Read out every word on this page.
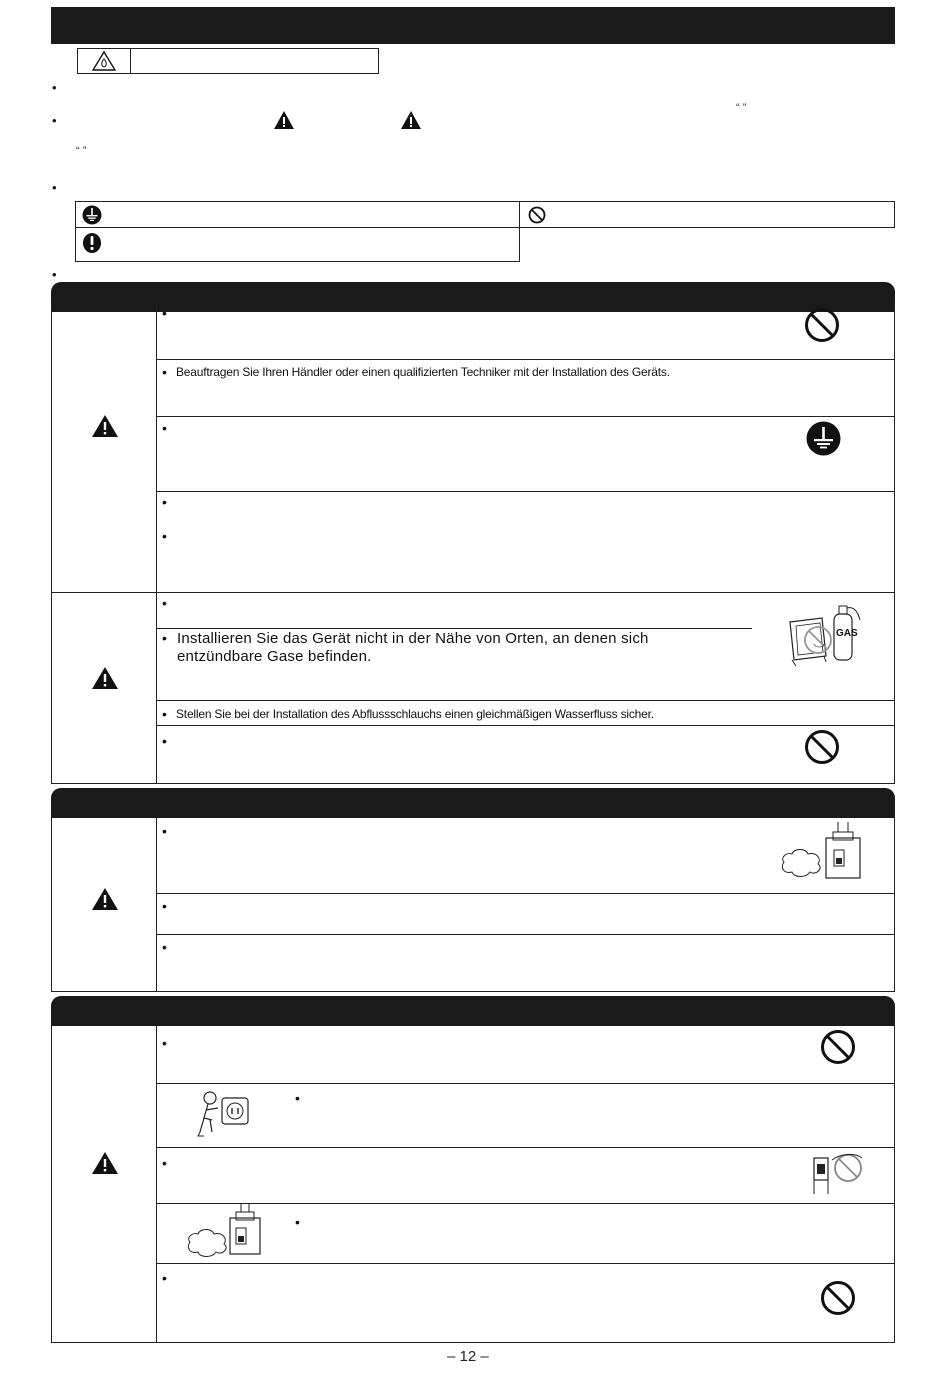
•
•
“ ”
“ ”
•
•
•
• Beauftragen Sie Ihren Händler oder einen qualifizierten Techniker mit der Installation des Geräts.
•
•
•
•
• Installieren Sie das Gerät nicht in der Nähe von Orten, an denen sich entzündbare Gase befinden.
GAS
• Stellen Sie bei der Installation des Abflussschlauchs einen gleichmäßigen Wasserfluss sicher.
•
•
•
•
•
•
•
•
•
– 12 –
